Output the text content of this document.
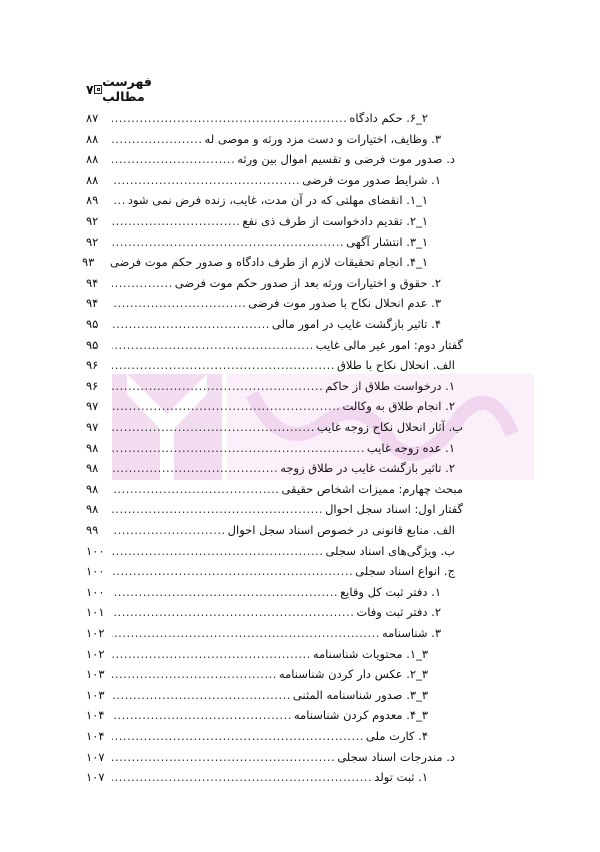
۷ فهرست مطالب
۲_۶. حکم دادگاه
.....
۸۷
۳. وظایف، اختیارات و دست مزد ورثه و موصی له
.....
۸۸
د. صدور موت فرضی و تقسیم اموال بین ورثه
.....
۸۸
۱. شرایط صدور موت فرضی
.....
۸۸
۱_۱. انقضای مهلتی که در آن مدت، غایب، زنده فرض نمی شود
.....
۸۹
۱_۲. تقدیم دادخواست از طرف ذی نفع
.....
۹۲
۱_۳. انتشار آگهی
.....
۹۲
۱_۴. انجام تحقیقات لازم از طرف دادگاه و صدور حکم موت فرضی
۹۳
۲. حقوق و اختیارات ورثه بعد از صدور حکم موت فرضی
.....
۹۴
۳. عدم انحلال نکاح با صدور موت فرضی
.....
۹۴
۴. تاثیر بازگشت غایب در امور مالی
.....
۹۵
گفتار دوم: امور غیر مالی غایب
.....
۹۵
الف. انحلال نکاح با طلاق
.....
۹۶
۱. درخواست طلاق از حاکم
.....
۹۶
۲. انجام طلاق به وکالت
.....
۹۷
ب. آثار انحلال نکاح زوجه غایب
.....
۹۷
۱. عده زوجه غایب
.....
۹۸
۲. تاثیر بازگشت غایب در طلاق زوجه
.....
۹۸
مبحث چهارم: ممیزات اشخاص حقیقی
.....
۹۸
گفتار اول: اسناد سجل احوال
.....
۹۸
الف. منابع قانونی در خصوص اسناد سجل احوال
.....
۹۹
ب. ویژگی‌های اسناد سجلی
.....
۱۰۰
ج. انواع اسناد سجلی
.....
۱۰۰
۱. دفتر ثبت کل وقایع
.....
۱۰۰
۲. دفتر ثبت وفات
.....
۱۰۱
۳. شناسنامه
.....
۱۰۲
۳_۱. محتویات شناسنامه
.....
۱۰۲
۳_۲. عکس دار کردن شناسنامه
.....
۱۰۳
۳_۳. صدور شناسنامه المثنی
.....
۱۰۳
۳_۴. معدوم کردن شناسنامه
.....
۱۰۴
۴. کارت ملی
.....
۱۰۴
د. مندرجات اسناد سجلی
.....
۱۰۷
۱. ثبت تولد
.....
۱۰۷
